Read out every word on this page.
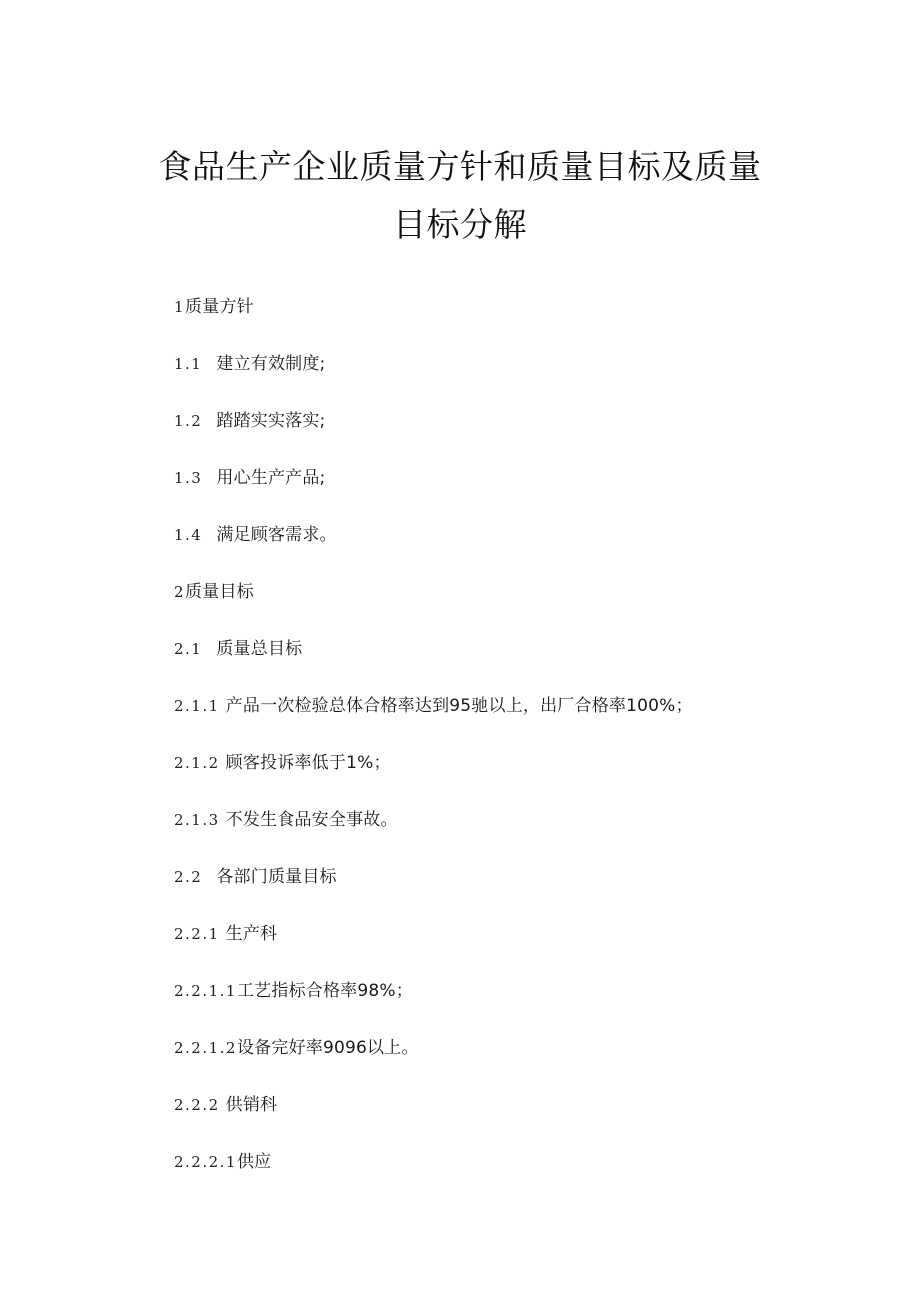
食品生产企业质量方针和质量目标及质量
目标分解
1质量方针
1.1 建立有效制度;
1.2 踏踏实实落实;
1.3 用心生产产品;
1.4 满足顾客需求。
2质量目标
2.1 质量总目标
2.1.1 产品一次检验总体合格率达到95驰以上，出厂合格率100%；
2.1.2 顾客投诉率低于1%；
2.1.3 不发生食品安全事故。
2.2 各部门质量目标
2.2.1 生产科
2.2.1.1工艺指标合格率98%；
2.2.1.2设备完好率9096以上。
2.2.2 供销科
2.2.2.1供应
